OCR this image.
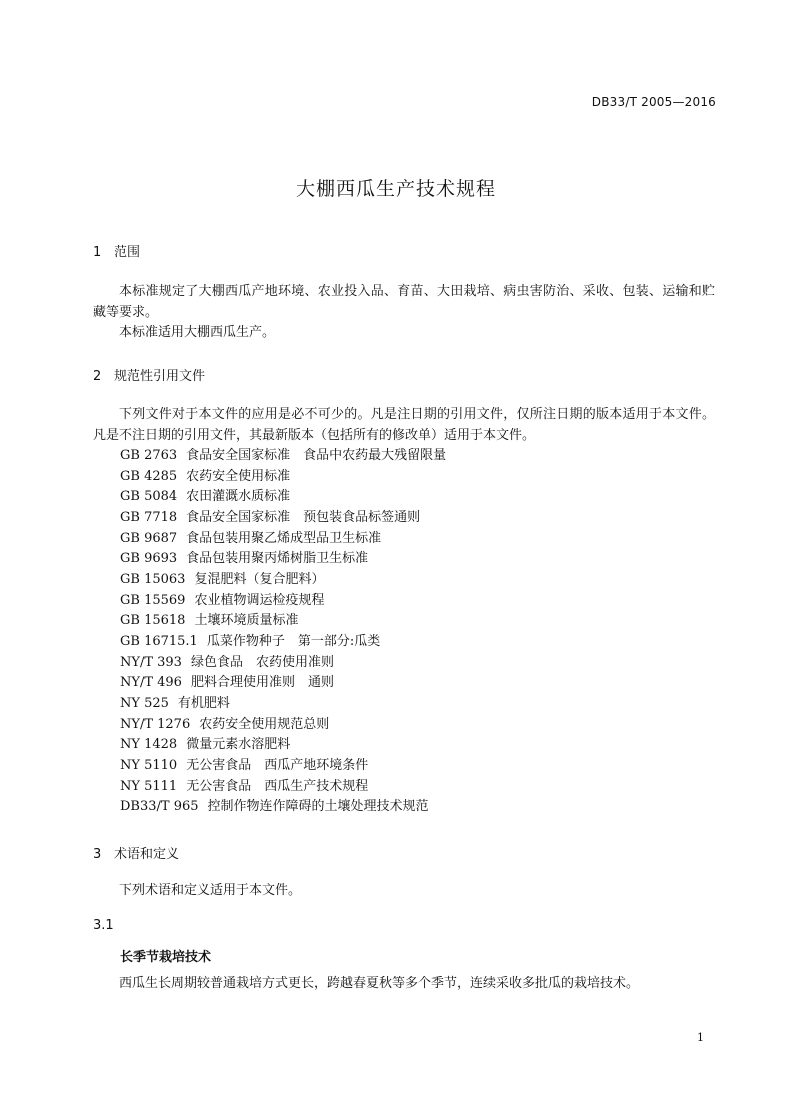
DB33/T 2005—2016
大棚西瓜生产技术规程
1 范围

本标准规定了大棚西瓜产地环境、农业投入品、育苗、大田栽培、病虫害防治、采收、包装、运输和贮藏等要求。

本标准适用大棚西瓜生产。

2 规范性引用文件

下列文件对于本文件的应用是必不可少的。凡是注日期的引用文件，仅所注日期的版本适用于本文件。凡是不注日期的引用文件，其最新版本（包括所有的修改单）适用于本文件。

GB 2763 食品安全国家标准　食品中农药最大残留限量
GB 4285 农药安全使用标准
GB 5084 农田灌溉水质标准
GB 7718 食品安全国家标准　预包装食品标签通则
GB 9687 食品包装用聚乙烯成型品卫生标准
GB 9693 食品包装用聚丙烯树脂卫生标准
GB 15063 复混肥料（复合肥料）
GB 15569 农业植物调运检疫规程
GB 15618 土壤环境质量标准
GB 16715.1 瓜菜作物种子　第一部分:瓜类
NY/T 393 绿色食品　农药使用准则
NY/T 496 肥料合理使用准则　通则
NY 525 有机肥料
NY/T 1276 农药安全使用规范总则
NY 1428 微量元素水溶肥料
NY 5110 无公害食品　西瓜产地环境条件
NY 5111 无公害食品　西瓜生产技术规程
DB33/T 965 控制作物连作障碍的土壤处理技术规范
3 术语和定义

下列术语和定义适用于本文件。

3.1
长季节栽培技术

西瓜生长周期较普通栽培方式更长，跨越春夏秋等多个季节，连续采收多批瓜的栽培技术。

1
